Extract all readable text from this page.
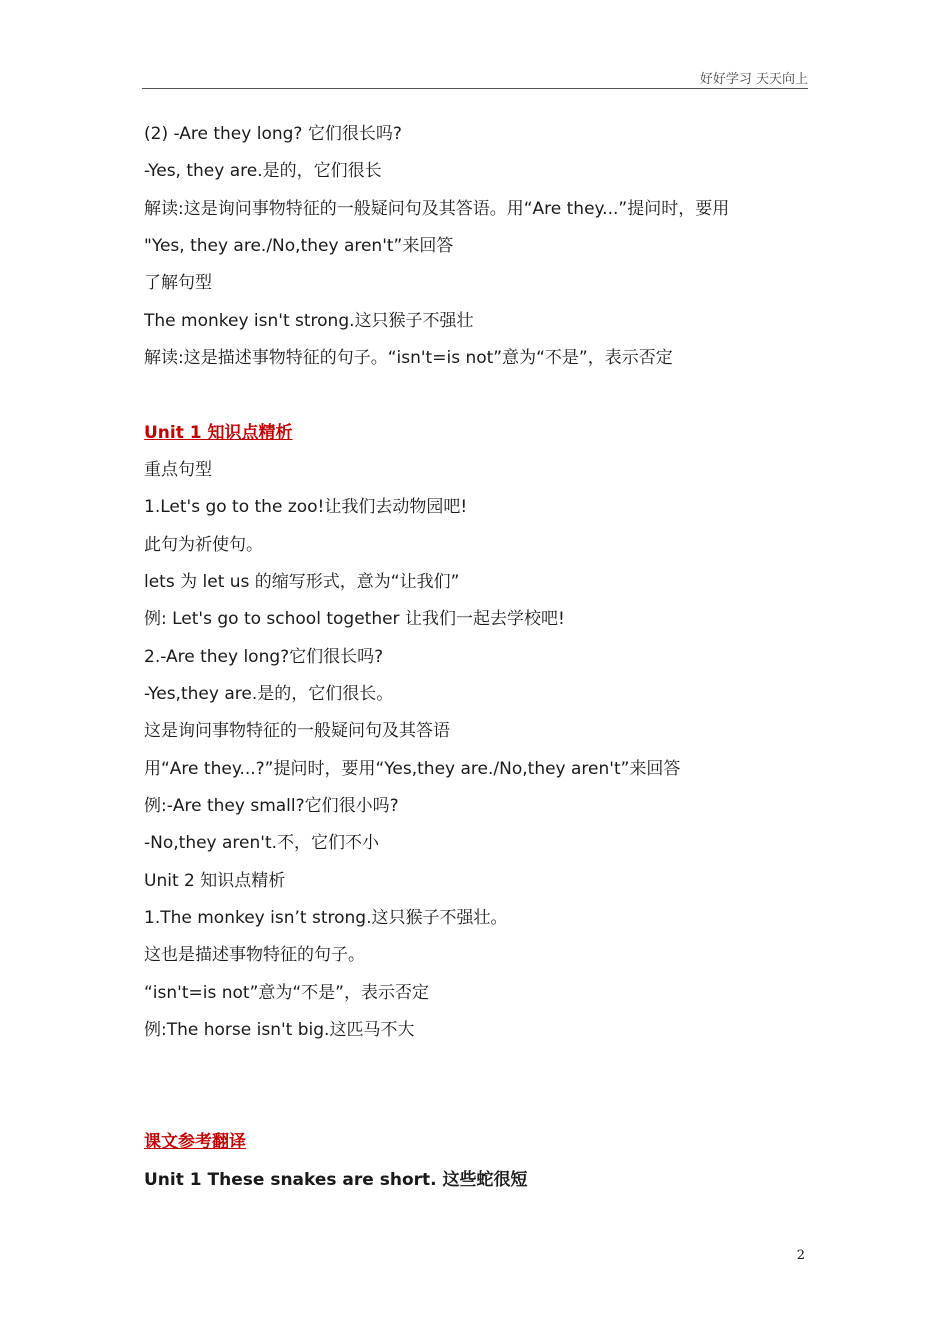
好好学习 天天向上
(2) -Are they long? 它们很长吗?
-Yes, they are.是的，它们很长
解读:这是询问事物特征的一般疑问句及其答语。用“Are they...”提问时，要用
"Yes, they are./No,they aren't”来回答
了解句型
The monkey isn't strong.这只猴子不强壮
解读:这是描述事物特征的句子。“isn't=is not”意为“不是”，表示否定
Unit 1 知识点精析
重点句型
1.Let's go to the zoo!让我们去动物园吧!
此句为祈使句。
lets 为 let us 的缩写形式，意为“让我们”
例: Let's go to school together 让我们一起去学校吧!
2.-Are they long?它们很长吗?
-Yes,they are.是的，它们很长。
这是询问事物特征的一般疑问句及其答语
用“Are they...?”提问时，要用“Yes,they are./No,they aren't”来回答
例:-Are they small?它们很小吗?
-No,they aren't.不，它们不小
Unit 2 知识点精析
1.The monkey isn’t strong.这只猴子不强壮。
这也是描述事物特征的句子。
“isn't=is not”意为“不是”，表示否定
例:The horse isn't big.这匹马不大
课文参考翻译
Unit 1 These snakes are short. 这些蛇很短
2
